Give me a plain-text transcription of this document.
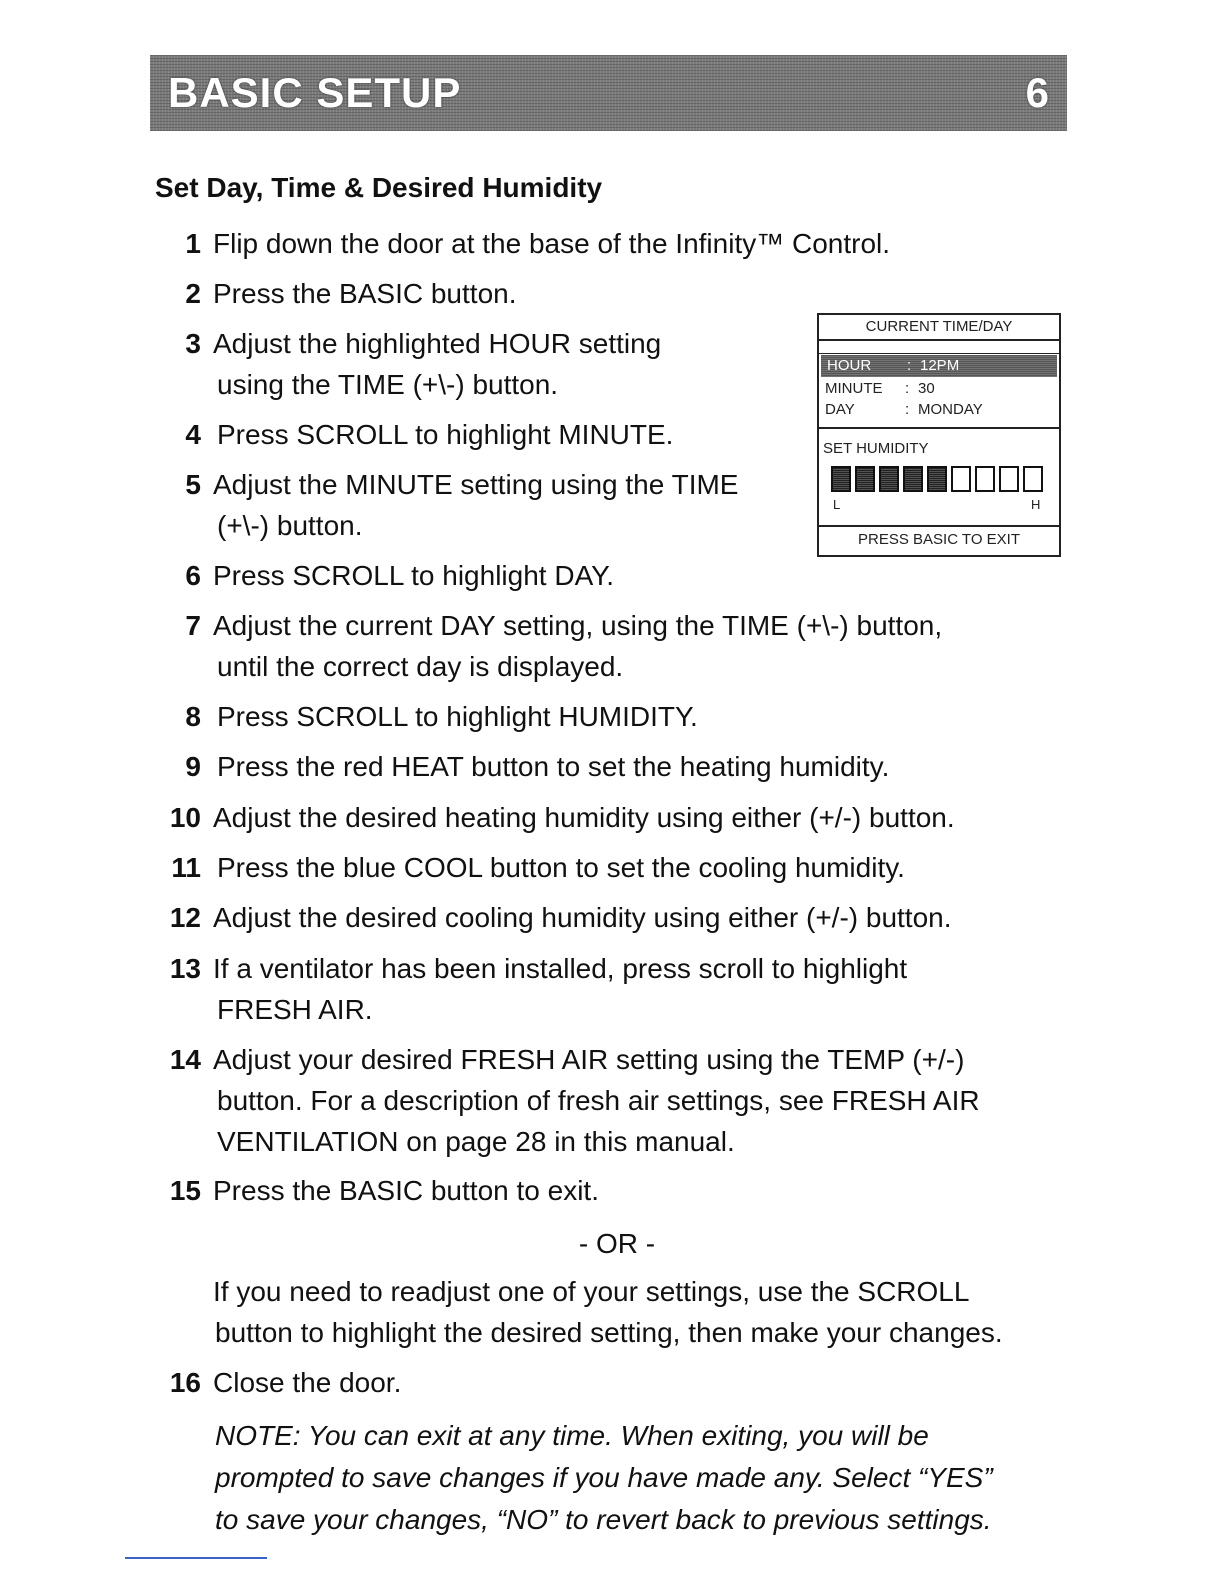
BASIC SETUP	6
Set Day, Time & Desired Humidity
1 Flip down the door at the base of the Infinity™ Control.
2 Press the BASIC button.
3 Adjust the highlighted HOUR setting
using the TIME (+\-) button.
4 Press SCROLL to highlight MINUTE.
5 Adjust the MINUTE setting using the TIME
(+\-) button.
6 Press SCROLL to highlight DAY.
7 Adjust the current DAY setting, using the TIME (+\-) button,
until the correct day is displayed.
8 Press SCROLL to highlight HUMIDITY.
9 Press the red HEAT button to set the heating humidity.
10 Adjust the desired heating humidity using either (+/-) button.
11 Press the blue COOL button to set the cooling humidity.
12 Adjust the desired cooling humidity using either (+/-) button.
13 If a ventilator has been installed, press scroll to highlight
FRESH AIR.
14 Adjust your desired FRESH AIR setting using the TEMP (+/-)
button. For a description of fresh air settings, see FRESH AIR
VENTILATION on page 28 in this manual.
15 Press the BASIC button to exit.
- OR -
If you need to readjust one of your settings, use the SCROLL
button to highlight the desired setting, then make your changes.
16 Close the door.
NOTE: You can exit at any time. When exiting, you will be
prompted to save changes if you have made any. Select “YES”
to save your changes, “NO” to revert back to previous settings.
CURRENT TIME/DAY
HOUR : 12PM
MINUTE : 30
DAY	: MONDAY
SET HUMIDITY
L	H
PRESS BASIC TO EXIT
